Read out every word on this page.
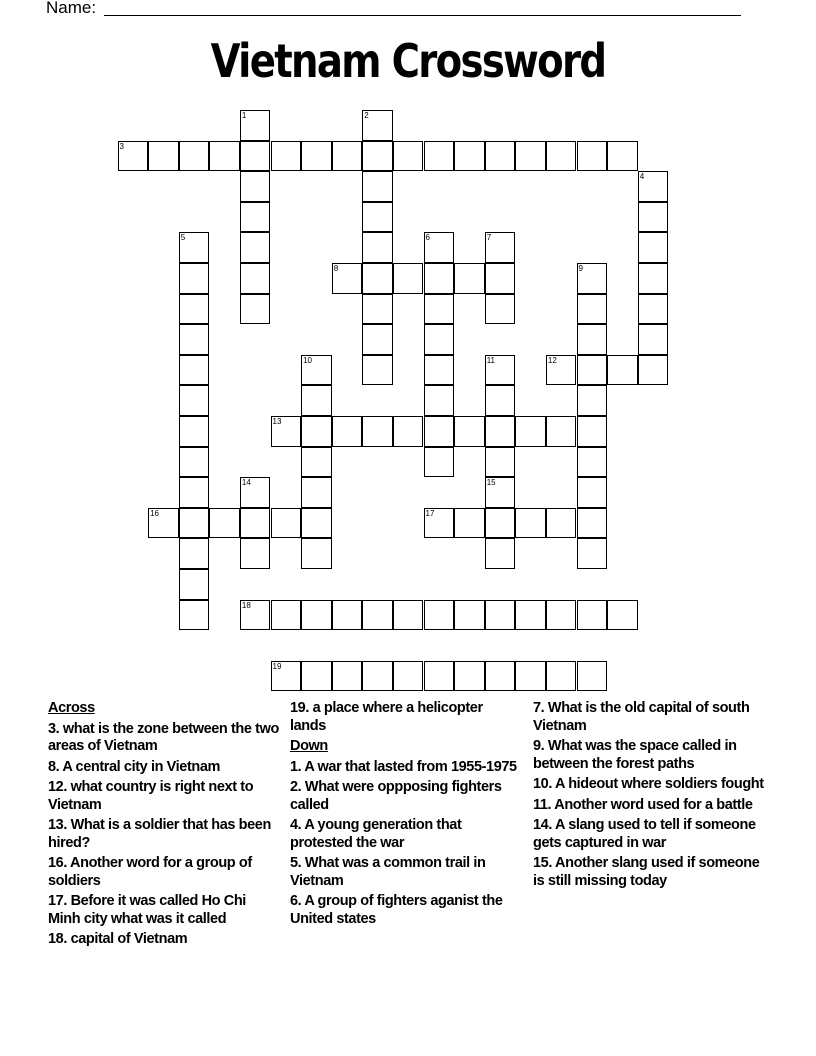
Name:
Vietnam Crossword
1	2
3
4
5	6	7
8	9
10	11	12
13
14	15
16	17
18
19
Across
3. what is the zone between the two areas of Vietnam
8. A central city in Vietnam
12. what country is right next to Vietnam
13. What is a soldier that has been hired?
16. Another word for a group of soldiers
17. Before it was called Ho Chi Minh city what was it called
18. capital of Vietnam
19. a place where a helicopter lands
Down
1. A war that lasted from 1955-1975
2. What were oppposing fighters called
4. A young generation that protested the war
5. What was a common trail in Vietnam
6. A group of fighters aganist the United states
7. What is the old capital of south Vietnam
9. What was the space called in between the forest paths
10. A hideout where soldiers fought
11. Another word used for a battle
14. A slang used to tell if someone gets captured in war
15. Another slang used if someone is still missing today
